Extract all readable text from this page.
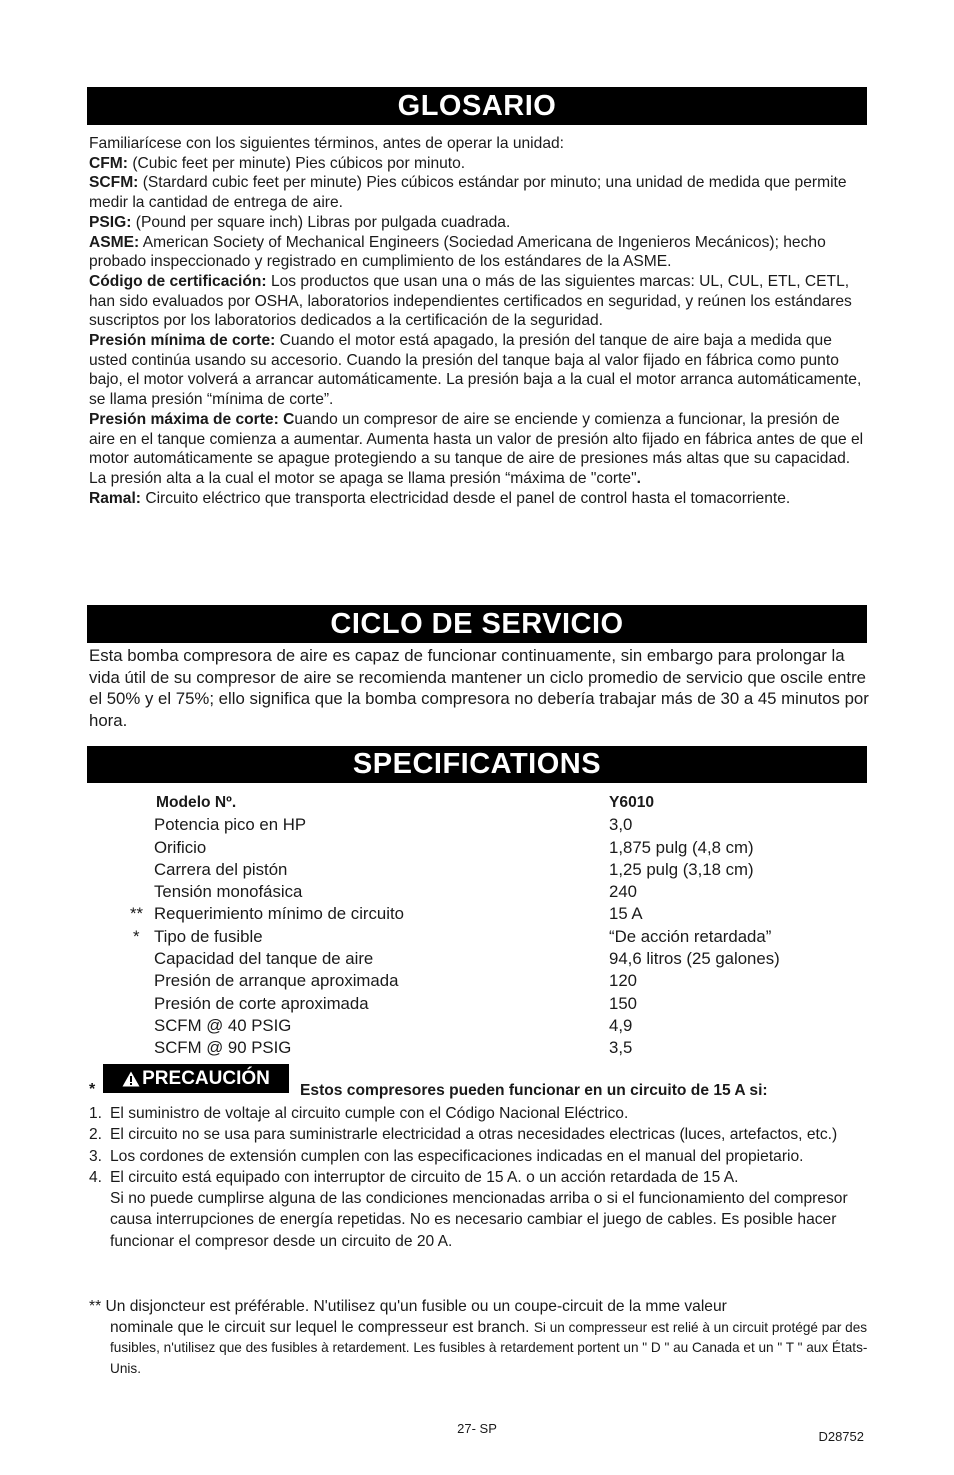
GLOSARIO

Familiarícese con los siguientes términos, antes de operar la unidad:

CFM: (Cubic feet per minute) Pies cúbicos por minuto.

SCFM: (Stardard cubic feet per minute) Pies cúbicos estándar por minuto; una unidad de medida que permite medir la cantidad de entrega de aire.

PSIG: (Pound per square inch) Libras por pulgada cuadrada.

ASME: American Society of Mechanical Engineers (Sociedad Americana de Ingenieros Mecánicos); hecho probado inspeccionado y registrado en cumplimiento de los estándares de la ASME.

Código de certificación: Los productos que usan una o más de las siguientes marcas: UL, CUL, ETL, CETL, han sido evaluados por OSHA, laboratorios independientes certificados en seguridad, y reúnen los estándares suscriptos por los laboratorios dedicados a la certificación de la seguridad.

Presión mínima de corte: Cuando el motor está apagado, la presión del tanque de aire baja a medida que usted continúa usando su accesorio. Cuando la presión del tanque baja al valor fijado en fábrica como punto bajo, el motor volverá a arrancar automáticamente. La presión baja a la cual el motor arranca automáticamente, se llama presión “mínima de corte”.

Presión máxima de corte: Cuando un compresor de aire se enciende y comienza a funcionar, la presión de aire en el tanque comienza a aumentar. Aumenta hasta un valor de presión alto fijado en fábrica antes de que el motor automáticamente se apague protegiendo a su tanque de aire de presiones más altas que su capacidad. La presión alta a la cual el motor se apaga se llama presión “máxima de "corte".

Ramal: Circuito eléctrico que transporta electricidad desde el panel de control hasta el tomacorriente.

CICLO DE SERVICIO

Esta bomba compresora de aire es capaz de funcionar continuamente, sin embargo para prolongar la vida útil de su compresor de aire se recomienda mantener un ciclo promedio de servicio que oscile entre el 50% y el 75%; ello significa que la bomba compresora no debería trabajar más de 30 a 45 minutos por hora.

SPECIFICATIONS
Modelo Nº.	Y6010
Potencia pico en HP	3,0
Orificio	1,875 pulg (4,8 cm)
Carrera del pistón	1,25 pulg (3,18 cm)
Tensión monofásica	240
** Requerimiento mínimo de circuito	15 A
* Tipo de fusible	“De acción retardada”
Capacidad del tanque de aire	94,6 litros (25 galones)
Presión de arranque aproximada	120
Presión de corte aproximada	150
SCFM @ 40 PSIG	4,9
SCFM @ 90 PSIG	3,5
*
PRECAUCIÓN
Estos compresores pueden funcionar en un circuito de 15 A si:
1. El suministro de voltaje al circuito cumple con el Código Nacional Eléctrico.
2. El circuito no se usa para suministrarle electricidad a otras necesidades electricas (luces, artefactos, etc.)
3. Los cordones de extensión cumplen con las especificaciones indicadas en el manual del propietario.
4. El circuito está equipado con interruptor de circuito de 15 A. o un acción retardada de 15 A.
Si no puede cumplirse alguna de las condiciones mencionadas arriba o si el funcionamiento del compresor causa interrupciones de energía repetidas. No es necesario cambiar el juego de cables. Es posible hacer funcionar el compresor desde un circuito de 20 A.
** Un disjoncteur est préférable. N'utilisez qu'un fusible ou un coupe-circuit de la mme valeur
nominale que le circuit sur lequel le compresseur est branch. Si un compresseur est relié à un circuit protégé par des fusibles, n'utilisez que des fusibles à retardement. Les fusibles à retardement portent un " D " au Canada et un " T " aux États-Unis.
27- SP
D28752
